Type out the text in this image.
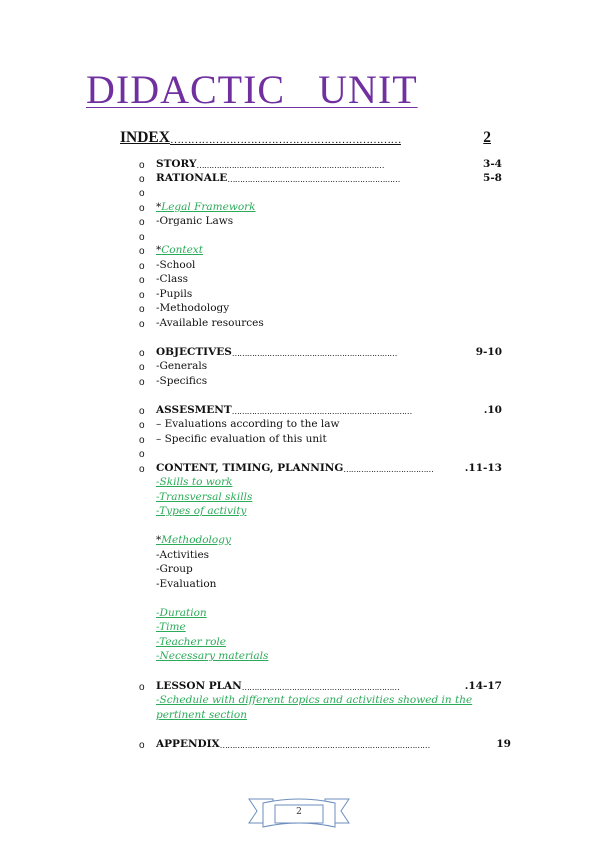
DIDACTIC   UNIT
INDEX …………………………………………………………	2
o
o
o
o
o
o
o
o
o
o
o
o
o
o
o
o
o
o
o
o
o
o
STORY …………………………………………………………………	3-4
RATIONALE ……………………………………………………………	5-8
*Legal Framework
-Organic Laws
*Context
-School
-Class
-Pupils
-Methodology
-Available resources
OBJECTIVES …………………………………………………………	9-10
-Generals
-Specifics
ASSESMENT ………………………………………………………………	.10
– Evaluations according to the law
– Specific evaluation of this unit
CONTENT, TIMING, PLANNING ………………………………	.11-13
-Skills to work
-Transversal skills
-Types of activity
*Methodology
-Activities
-Group
-Evaluation
-Duration
-Time
-Teacher role
-Necessary materials
LESSON PLAN ………………………………………………………	.14-17
-Schedule with different topics and activities showed in the pertinent section
APPENDIX …………………………………………………………………………	19
2
